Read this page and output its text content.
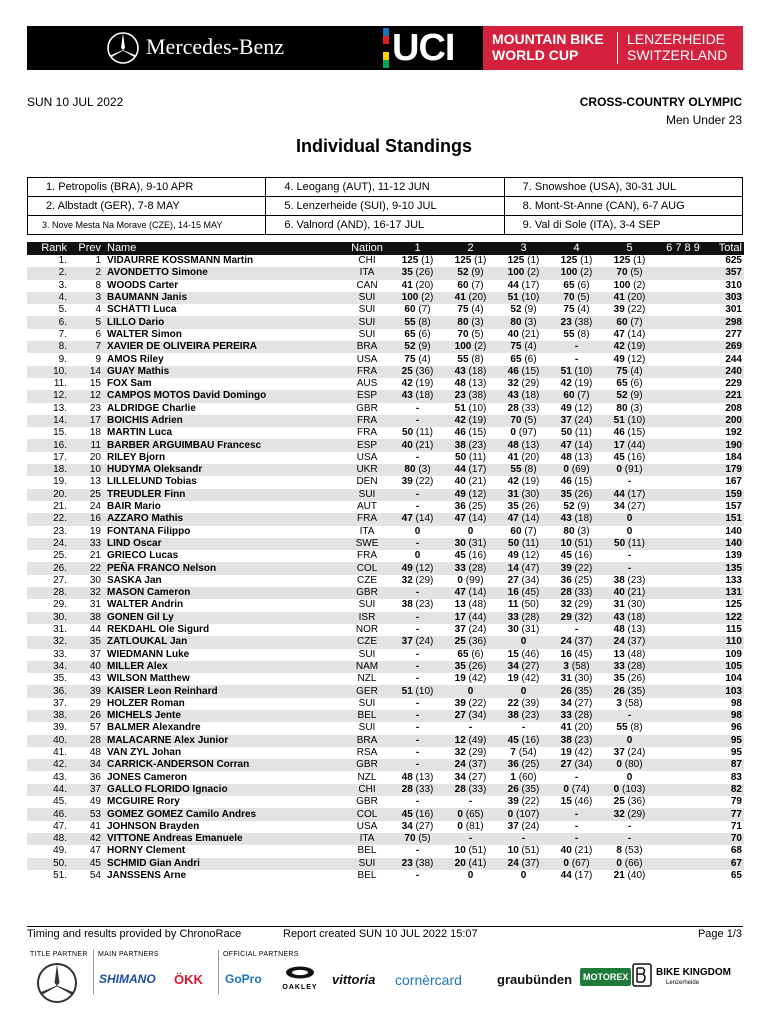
Mercedes-Benz	UCI	MOUNTAIN BIKE
WORLD CUP
LENZERHEIDE
SWITZERLAND
SUN 10 JUL 2022	CROSS-COUNTRY OLYMPIC
Men Under 23
Individual Standings
1. Petropolis (BRA), 9-10 APR	4. Leogang (AUT), 11-12 JUN	7. Snowshoe (USA), 30-31 JUL
2. Albstadt (GER), 7-8 MAY	5. Lenzerheide (SUI), 9-10 JUL	8. Mont-St-Anne (CAN), 6-7 AUG
3. Nove Mesta Na Morave (CZE), 14-15 MAY	6. Valnord (AND), 16-17 JUL	9. Val di Sole (ITA), 3-4 SEP
Rank	Prev	Name	Nation	1	2	3	4	5	6 7 8 9	Total
1.	1	VIDAURRE KOSSMANN Martin	CHI	125 (1)	125 (1)	125 (1)	125 (1)	125 (1)		625
2.	2	AVONDETTO Simone	ITA	35 (26)	52 (9)	100 (2)	100 (2)	70 (5)		357
3.	8	WOODS Carter	CAN	41 (20)	60 (7)	44 (17)	65 (6)	100 (2)		310
4.	3	BAUMANN Janis	SUI	100 (2)	41 (20)	51 (10)	70 (5)	41 (20)		303
5.	4	SCHÄTTI Luca	SUI	60 (7)	75 (4)	52 (9)	75 (4)	39 (22)		301
6.	5	LILLO Dario	SUI	55 (8)	80 (3)	80 (3)	23 (38)	60 (7)		298
7.	6	WALTER Simon	SUI	65 (6)	70 (5)	40 (21)	55 (8)	47 (14)		277
8.	7	XAVIER DE OLIVEIRA PEREIRA	BRA	52 (9)	100 (2)	75 (4)	-	42 (19)		269
9.	9	AMOS Riley	USA	75 (4)	55 (8)	65 (6)	-	49 (12)		244
10.	14	GUAY Mathis	FRA	25 (36)	43 (18)	46 (15)	51 (10)	75 (4)		240
11.	15	FOX Sam	AUS	42 (19)	48 (13)	32 (29)	42 (19)	65 (6)		229
12.	12	CAMPOS MOTOS David Domingo	ESP	43 (18)	23 (38)	43 (18)	60 (7)	52 (9)		221
13.	23	ALDRIDGE Charlie	GBR	-	51 (10)	28 (33)	49 (12)	80 (3)		208
14.	17	BOICHIS Adrien	FRA	-	42 (19)	70 (5)	37 (24)	51 (10)		200
15.	18	MARTIN Luca	FRA	50 (11)	46 (15)	0 (97)	50 (11)	46 (15)		192
16.	11	BARBER ARGUIMBAU Francesc	ESP	40 (21)	38 (23)	48 (13)	47 (14)	17 (44)		190
17.	20	RILEY Bjorn	USA	-	50 (11)	41 (20)	48 (13)	45 (16)		184
18.	10	HUDYMA Oleksandr	UKR	80 (3)	44 (17)	55 (8)	0 (69)	0 (91)		179
19.	13	LILLELUND Tobias	DEN	39 (22)	40 (21)	42 (19)	46 (15)	-		167
20.	25	TREUDLER Finn	SUI	-	49 (12)	31 (30)	35 (26)	44 (17)		159
21.	24	BAIR Mario	AUT	-	36 (25)	35 (26)	52 (9)	34 (27)		157
22.	16	AZZARO Mathis	FRA	47 (14)	47 (14)	47 (14)	43 (18)	0		151
23.	19	FONTANA Filippo	ITA	0	0	60 (7)	80 (3)	0		140
24.	33	LIND Oscar	SWE	-	30 (31)	50 (11)	10 (51)	50 (11)		140
25.	21	GRIECO Lucas	FRA	0	45 (16)	49 (12)	45 (16)	-		139
26.	22	PEÑA FRANCO Nelson	COL	49 (12)	33 (28)	14 (47)	39 (22)	-		135
27.	30	SÁSKA Jan	CZE	32 (29)	0 (99)	27 (34)	36 (25)	38 (23)		133
28.	32	MASON Cameron	GBR	-	47 (14)	16 (45)	28 (33)	40 (21)		131
29.	31	WALTER Andrin	SUI	38 (23)	13 (48)	11 (50)	32 (29)	31 (30)		125
30.	38	GONEN Gil Ly	ISR	-	17 (44)	33 (28)	29 (32)	43 (18)		122
31.	44	REKDAHL Ole Sigurd	NOR	-	37 (24)	30 (31)	-	48 (13)		115
32.	35	ZATLOUKAL Jan	CZE	37 (24)	25 (36)	0	24 (37)	24 (37)		110
33.	37	WIEDMANN Luke	SUI	-	65 (6)	15 (46)	16 (45)	13 (48)		109
34.	40	MILLER Alex	NAM	-	35 (26)	34 (27)	3 (58)	33 (28)		105
35.	43	WILSON Matthew	NZL	-	19 (42)	19 (42)	31 (30)	35 (26)		104
36.	39	KAISER Leon Reinhard	GER	51 (10)	0	0	26 (35)	26 (35)		103
37.	29	HOLZER Roman	SUI	-	39 (22)	22 (39)	34 (27)	3 (58)		98
38.	26	MICHELS Jente	BEL	-	27 (34)	38 (23)	33 (28)	-		98
39.	57	BALMER Alexandre	SUI	-	-	-	41 (20)	55 (8)		96
40.	28	MALACARNE Alex Junior	BRA	-	12 (49)	45 (16)	38 (23)	0		95
41.	48	VAN ZYL Johan	RSA	-	32 (29)	7 (54)	19 (42)	37 (24)		95
42.	34	CARRICK-ANDERSON Corran	GBR	-	24 (37)	36 (25)	27 (34)	0 (80)		87
43.	36	JONES Cameron	NZL	48 (13)	34 (27)	1 (60)	-	0		83
44.	37	GALLO FLORIDO Ignacio	CHI	28 (33)	28 (33)	26 (35)	0 (74)	0 (103)		82
45.	49	MCGUIRE Rory	GBR	-	-	39 (22)	15 (46)	25 (36)		79
46.	53	GOMEZ GOMEZ Camilo Andres	COL	45 (16)	0 (65)	0 (107)	-	32 (29)		77
47.	41	JOHNSON Brayden	USA	34 (27)	0 (81)	37 (24)	-	-		71
48.	42	VITTONE Andreas Emanuele	ITA	70 (5)	-	-	-	-		70
49.	47	HORNY Clement	BEL	-	10 (51)	10 (51)	40 (21)	8 (53)		68
50.	45	SCHMID Gian Andri	SUI	23 (38)	20 (41)	24 (37)	0 (67)	0 (66)		67
51.	54	JANSSENS Arne	BEL	-	0	0	44 (17)	21 (40)		65
Timing and results provided by ChronoRace	Report created SUN 10 JUL 2022 15:07	Page 1/3
TITLE PARTNER MAIN PARTNERS	OFFICIAL PARTNERS
SHIMANO ÖKK GoPro
OAKLEY
vittoria cornèrcard	graubünden	MOTOREX	BIKE KINGDOM
Lenzerheide
